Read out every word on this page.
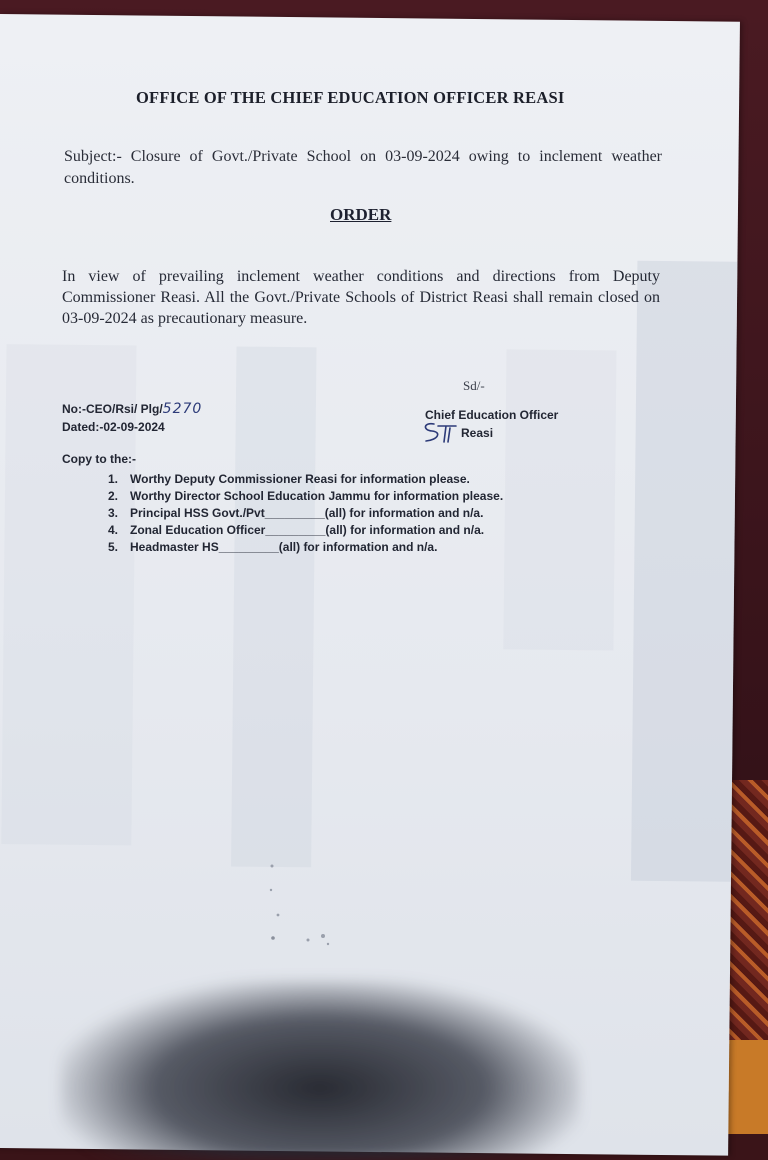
OFFICE OF THE CHIEF EDUCATION OFFICER REASI
Subject:- Closure of Govt./Private School on 03-09-2024 owing to inclement weather conditions.
ORDER
In view of prevailing inclement weather conditions and directions from Deputy Commissioner Reasi. All the Govt./Private Schools of District Reasi shall remain closed on 03-09-2024 as precautionary measure.
Sd/-
No:-CEO/Rsi/ Plg/5270
Dated:-02-09-2024
Chief Education Officer
Reasi
Copy to the:-
1. Worthy Deputy Commissioner Reasi for information please.
2. Worthy Director School Education Jammu for information please.
3. Principal HSS Govt./Pvt_________(all) for information and n/a.
4. Zonal Education Officer_________(all) for information and n/a.
5. Headmaster HS_________(all) for information and n/a.
